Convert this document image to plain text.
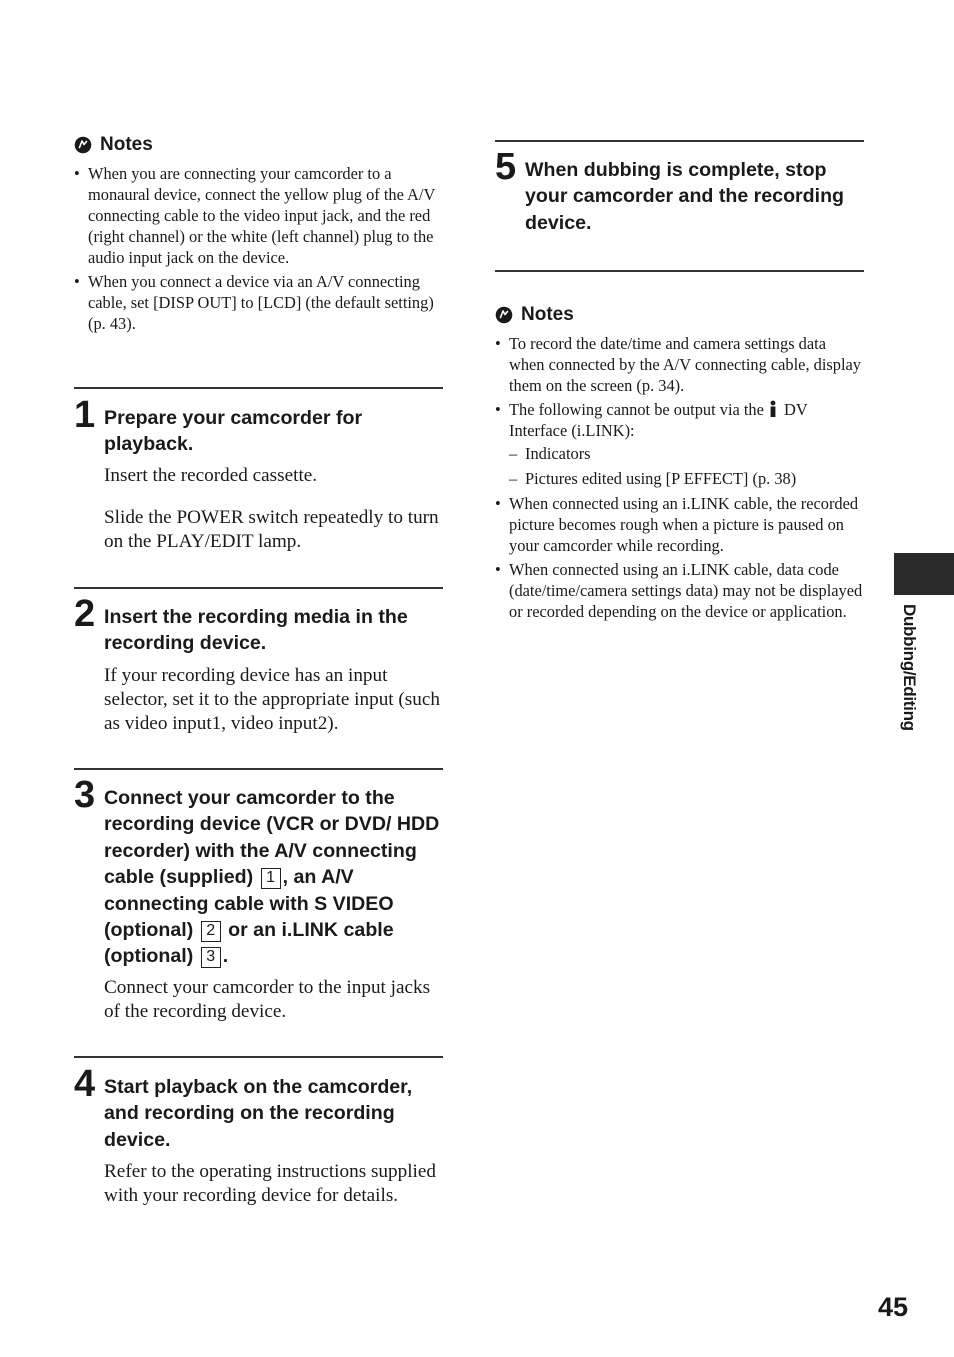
Notes
• When you are connecting your camcorder to a monaural device, connect the yellow plug of the A/V connecting cable to the video input jack, and the red (right channel) or the white (left channel) plug to the audio input jack on the device.
• When you connect a device via an A/V connecting cable, set [DISP OUT] to [LCD] (the default setting) (p. 43).
1 Prepare your camcorder for playback.

Insert the recorded cassette.

Slide the POWER switch repeatedly to turn on the PLAY/EDIT lamp.

2 Insert the recording media in the recording device.

If your recording device has an input selector, set it to the appropriate input (such as video input1, video input2).

3 Connect your camcorder to the recording device (VCR or DVD/ HDD recorder) with the A/V connecting cable (supplied) 1 , an A/V connecting cable with S VIDEO (optional) 2 or an i.LINK cable (optional) 3 .

Connect your camcorder to the input jacks of the recording device.

4 Start playback on the camcorder, and recording on the recording device.

Refer to the operating instructions supplied with your recording device for details.

5 When dubbing is complete, stop your camcorder and the recording device.
Notes
• To record the date/time and camera settings data when connected by the A/V connecting cable, display them on the screen (p. 34).
• The following cannot be output via the DV Interface (i.LINK):
– Indicators
– Pictures edited using [P EFFECT] (p. 38)
• When connected using an i.LINK cable, the recorded picture becomes rough when a picture is paused on your camcorder while recording.
• When connected using an i.LINK cable, data code (date/time/camera settings data) may not be displayed or recorded depending on the device or application.	Dubbing/Editing
45
